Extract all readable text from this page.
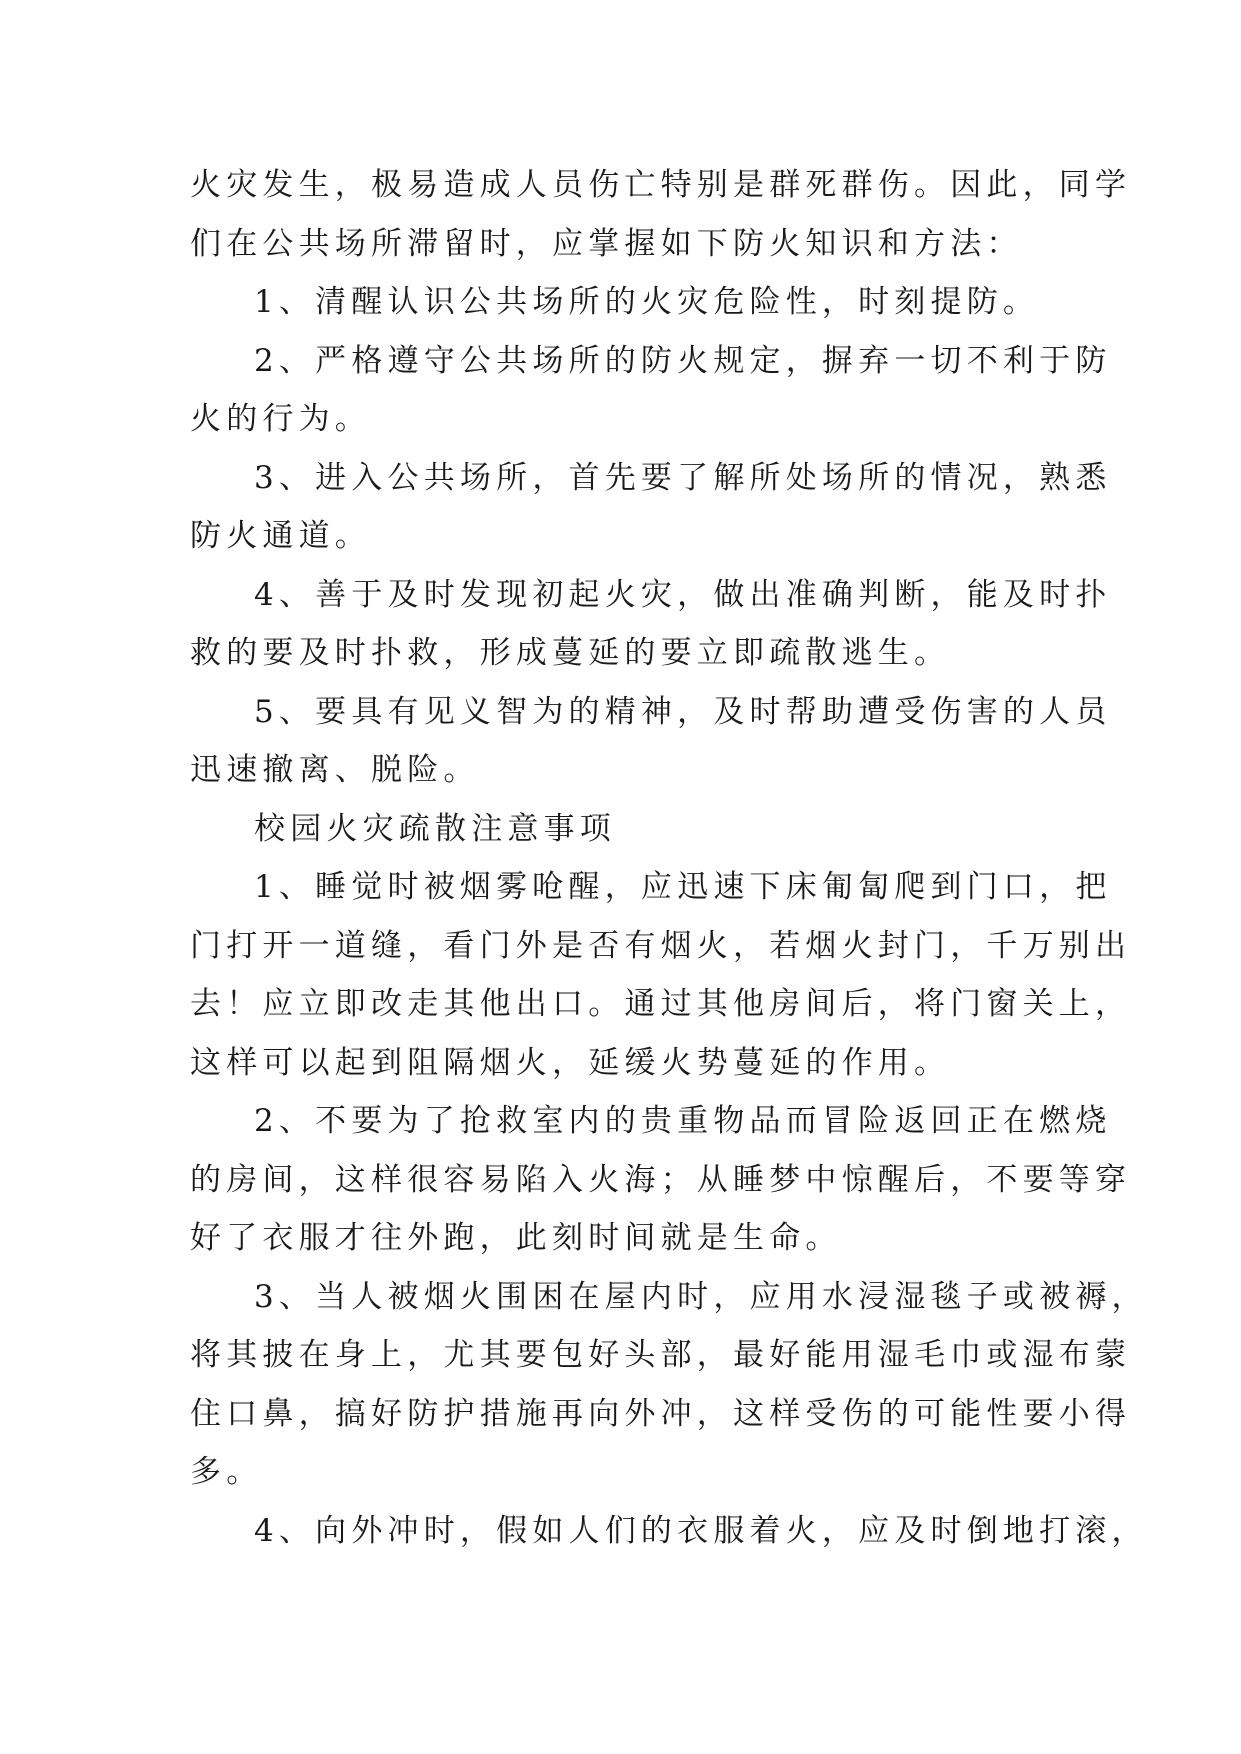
火灾发生，极易造成人员伤亡特别是群死群伤。因此，同学
们在公共场所滞留时，应掌握如下防火知识和方法：
1、清醒认识公共场所的火灾危险性，时刻提防。
2、严格遵守公共场所的防火规定，摒弃一切不利于防
火的行为。
3、进入公共场所，首先要了解所处场所的情况，熟悉
防火通道。
4、善于及时发现初起火灾，做出准确判断，能及时扑
救的要及时扑救，形成蔓延的要立即疏散逃生。
5、要具有见义智为的精神，及时帮助遭受伤害的人员
迅速撤离、脱险。
校园火灾疏散注意事项
1、睡觉时被烟雾呛醒，应迅速下床匍匐爬到门口，把
门打开一道缝，看门外是否有烟火，若烟火封门，千万别出
去！应立即改走其他出口。通过其他房间后，将门窗关上，
这样可以起到阻隔烟火，延缓火势蔓延的作用。
2、不要为了抢救室内的贵重物品而冒险返回正在燃烧
的房间，这样很容易陷入火海；从睡梦中惊醒后，不要等穿
好了衣服才往外跑，此刻时间就是生命。
3、当人被烟火围困在屋内时，应用水浸湿毯子或被褥，
将其披在身上，尤其要包好头部，最好能用湿毛巾或湿布蒙
住口鼻，搞好防护措施再向外冲，这样受伤的可能性要小得
多。
4、向外冲时，假如人们的衣服着火，应及时倒地打滚，
